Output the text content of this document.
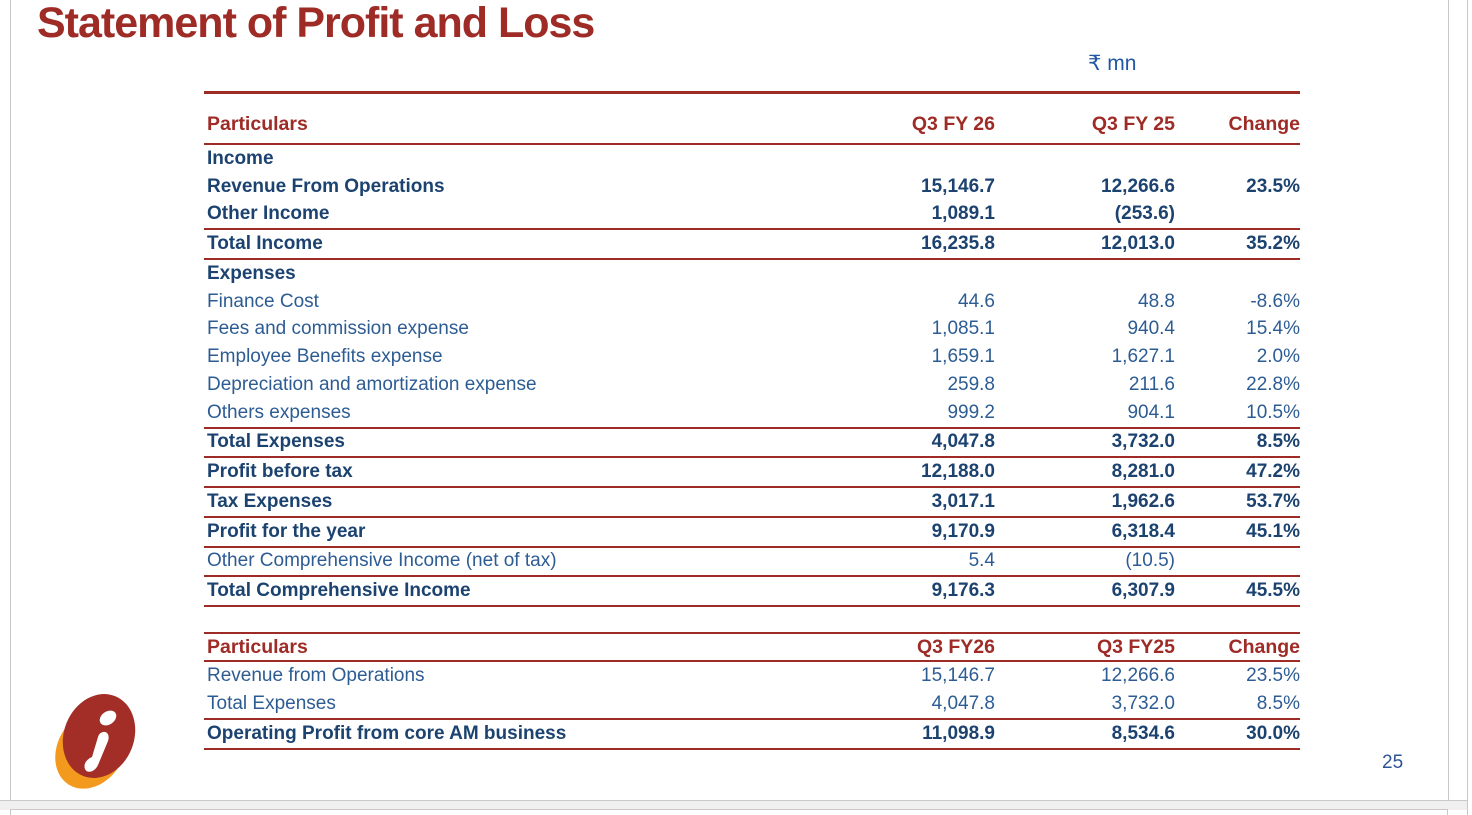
Statement of Profit and Loss
₹ mn
Particulars	Q3 FY 26	Q3 FY 25	Change
Income			
Revenue From Operations	15,146.7	12,266.6	23.5%
Other Income	1,089.1	(253.6)	
Total Income	16,235.8	12,013.0	35.2%
Expenses			
Finance Cost	44.6	48.8	-8.6%
Fees and commission expense	1,085.1	940.4	15.4%
Employee Benefits expense	1,659.1	1,627.1	2.0%
Depreciation and amortization expense	259.8	211.6	22.8%
Others expenses	999.2	904.1	10.5%
Total Expenses	4,047.8	3,732.0	8.5%
Profit before tax	12,188.0	8,281.0	47.2%
Tax Expenses	3,017.1	1,962.6	53.7%
Profit for the year	9,170.9	6,318.4	45.1%
Other Comprehensive Income (net of tax)	5.4	(10.5)	
Total Comprehensive Income	9,176.3	6,307.9	45.5%
Particulars	Q3 FY26	Q3 FY25	Change
Revenue from Operations	15,146.7	12,266.6	23.5%
Total Expenses	4,047.8	3,732.0	8.5%
Operating Profit from core AM business	11,098.9	8,534.6	30.0%
25
